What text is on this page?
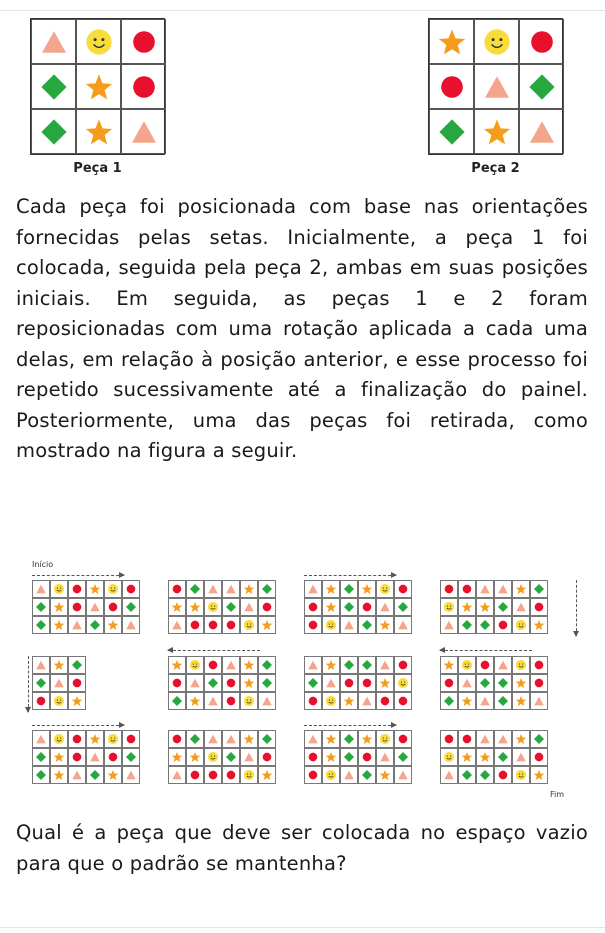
Peça 1	Peça 2

Cada peça foi posicionada com base nas orientações fornecidas pelas setas. Inicialmente, a peça 1 foi colocada, seguida pela peça 2, ambas em suas posições iniciais. Em seguida, as peças 1 e 2 foram reposicionadas com uma rotação aplicada a cada uma delas, em relação à posição anterior, e esse processo foi repetido sucessivamente até a finalização do painel. Posteriormente, uma das peças foi retirada, como mostrado na figura a seguir.

Início
Fim

Qual é a peça que deve ser colocada no espaço vazio para que o padrão se mantenha?
